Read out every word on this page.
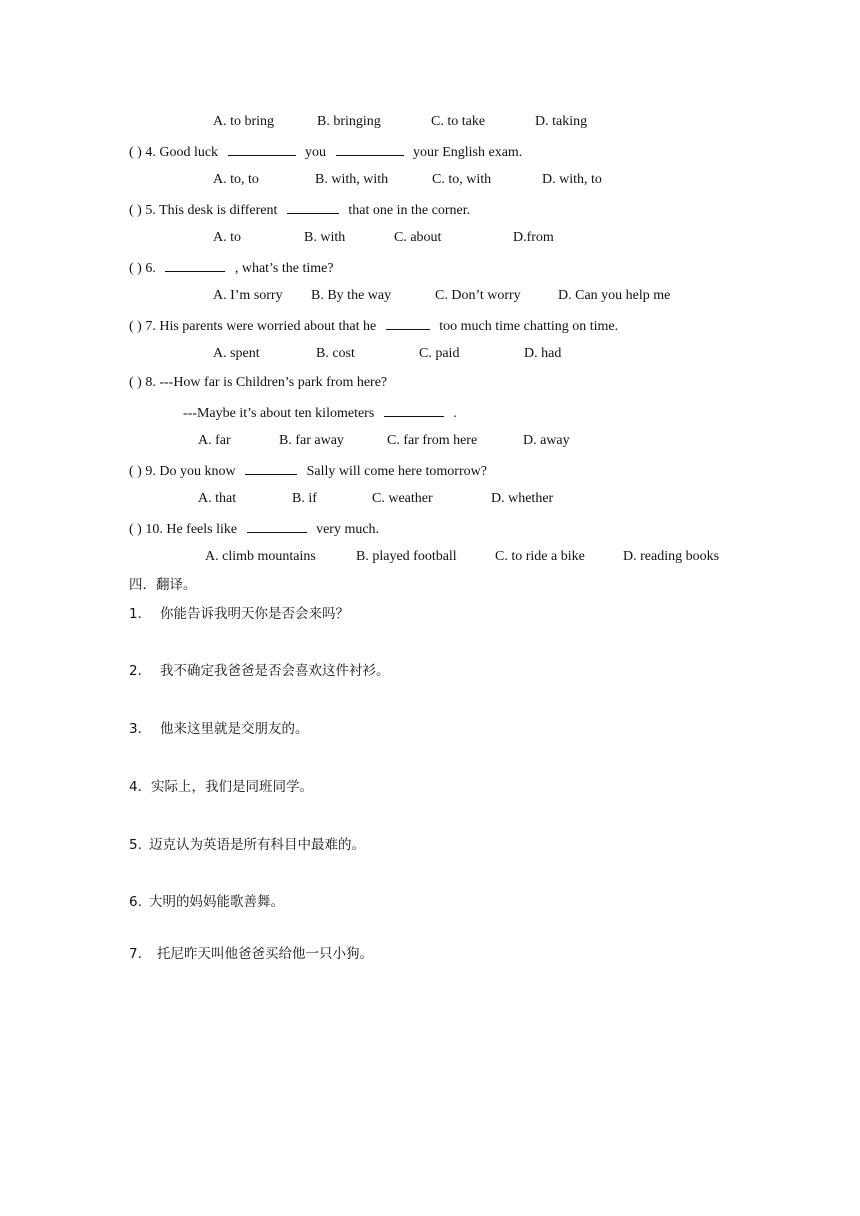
A. to bring	B. bringing	C. to take	D. taking
( ) 4. Good luck	you	your English exam.
A. to, to	B. with, with	C. to, with	D. with, to
( ) 5. This desk is different	that one in the corner.
A. to	B. with	C. about	D.from
( ) 6.	, what’s the time?
A. I’m sorry B. By the way	C. Don’t worry	D. Can you help me
( ) 7. His parents were worried about that he	too much time chatting on time.
A. spent	B. cost	C. paid	D. had
( ) 8. ---How far is Children’s park from here?
---Maybe it’s about ten kilometers	.
A. far	B. far away	C. far from here	D. away
( ) 9. Do you know	Sally will come here tomorrow?
A. that	B. if	C. weather	D. whether
( ) 10. He feels like	very much.
A. climb mountains	B. played football	C. to ride a bike	D. reading books
四．翻译。
1． 你能告诉我明天你是否会来吗？
2． 我不确定我爸爸是否会喜欢这件衬衫。
3． 他来这里就是交朋友的。
4．实际上，我们是同班同学。
5. 迈克认为英语是所有科目中最难的。
6. 大明的妈妈能歌善舞。
7. 托尼昨天叫他爸爸买给他一只小狗。
